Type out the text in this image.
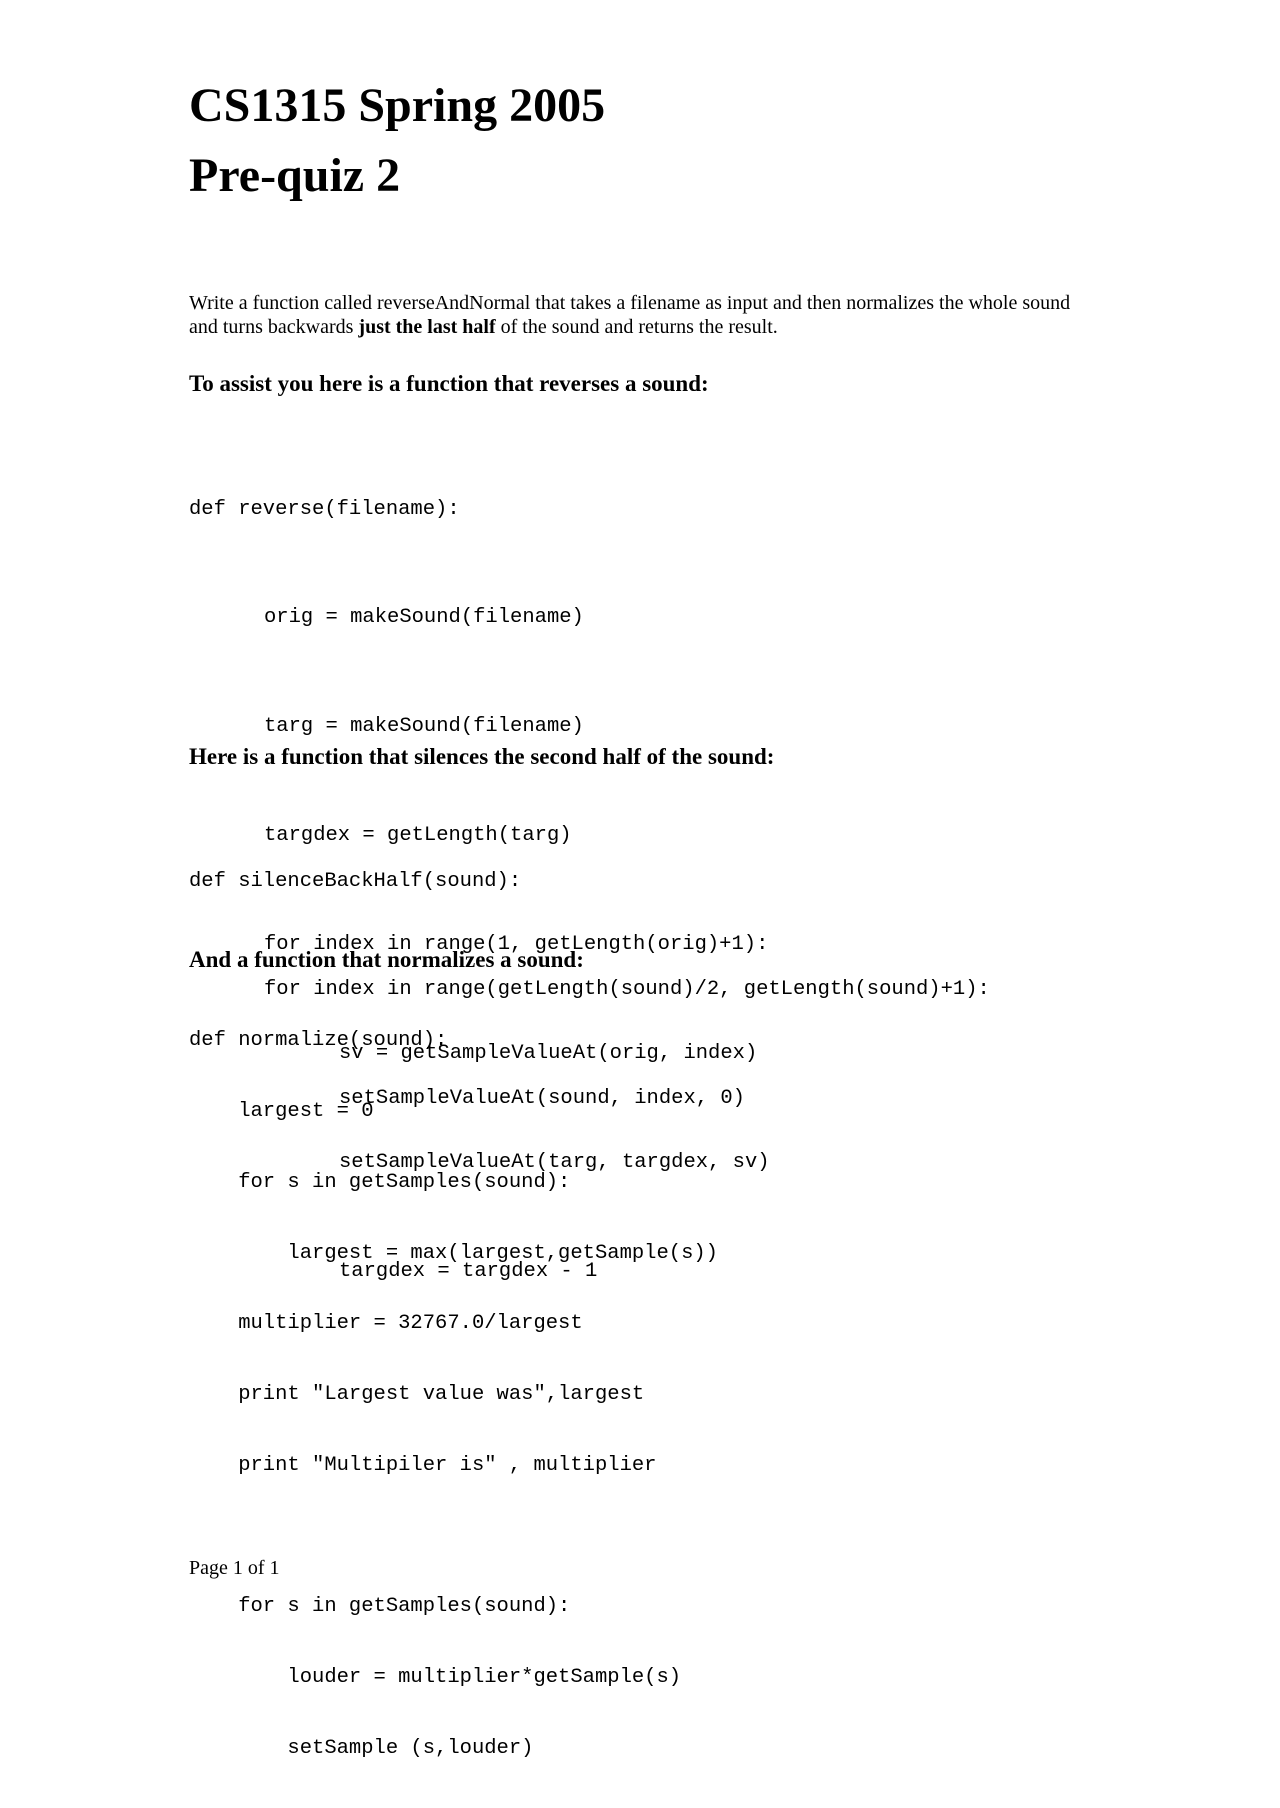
CS1315 Spring 2005
Pre-quiz 2

Write a function called reverseAndNormal that takes a filename as input and then normalizes the whole sound and turns backwards just the last half of the sound and returns the result.

To assist you here is a function that reverses a sound:

def reverse(filename):

orig = makeSound(filename)

targ = makeSound(filename)

targdex = getLength(targ)

for index in range(1, getLength(orig)+1):

sv = getSampleValueAt(orig, index)

setSampleValueAt(targ, targdex, sv)

targdex = targdex - 1

Here is a function that silences the second half of the sound:

def silenceBackHalf(sound):

for index in range(getLength(sound)/2, getLength(sound)+1):

setSampleValueAt(sound, index, 0)

And a function that normalizes a sound:

def normalize(sound):

largest = 0

for s in getSamples(sound):

largest = max(largest,getSample(s))

multiplier = 32767.0/largest

print "Largest value was",largest

print "Multipiler is" , multiplier

for s in getSamples(sound):

louder = multiplier*getSample(s)

setSample (s,louder)

Page 1 of 1
